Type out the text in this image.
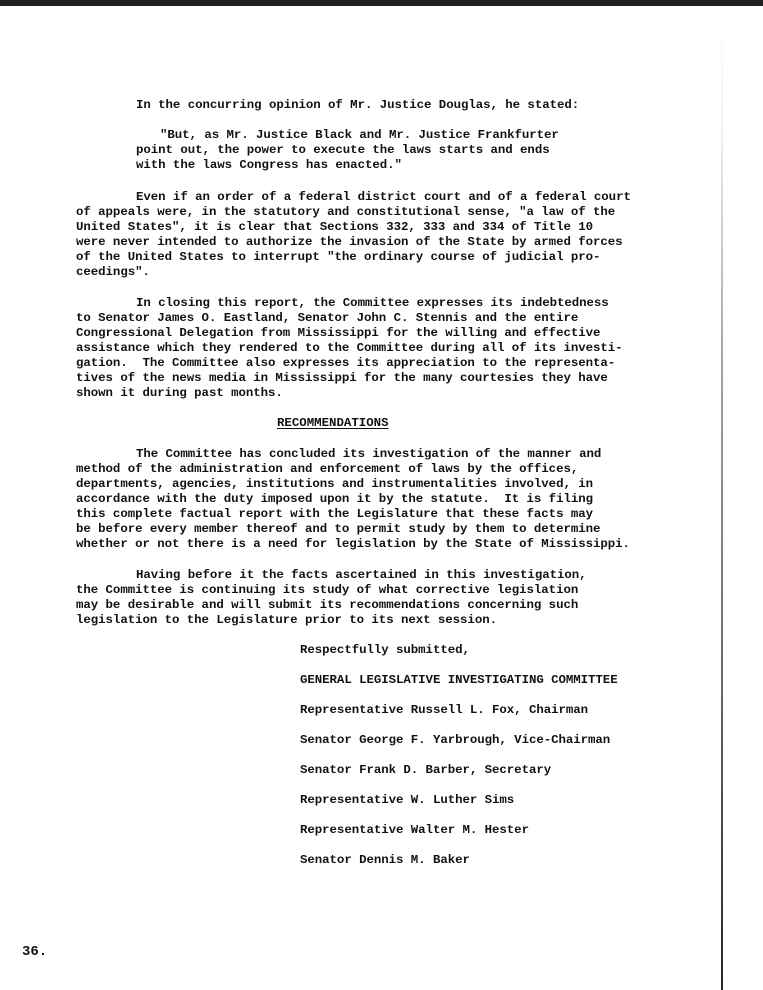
In the concurring opinion of Mr. Justice Douglas, he stated:
"But, as Mr. Justice Black and Mr. Justice Frankfurter
point out, the power to execute the laws starts and ends
with the laws Congress has enacted."
Even if an order of a federal district court and of a federal court
of appeals were, in the statutory and constitutional sense, "a law of the
United States", it is clear that Sections 332, 333 and 334 of Title 10
were never intended to authorize the invasion of the State by armed forces
of the United States to interrupt "the ordinary course of judicial pro-
ceedings".
In closing this report, the Committee expresses its indebtedness
to Senator James O. Eastland, Senator John C. Stennis and the entire
Congressional Delegation from Mississippi for the willing and effective
assistance which they rendered to the Committee during all of its investi-
gation.  The Committee also expresses its appreciation to the representa-
tives of the news media in Mississippi for the many courtesies they have
shown it during past months.
RECOMMENDATIONS
The Committee has concluded its investigation of the manner and
method of the administration and enforcement of laws by the offices,
departments, agencies, institutions and instrumentalities involved, in
accordance with the duty imposed upon it by the statute.  It is filing
this complete factual report with the Legislature that these facts may
be before every member thereof and to permit study by them to determine
whether or not there is a need for legislation by the State of Mississippi.
Having before it the facts ascertained in this investigation,
the Committee is continuing its study of what corrective legislation
may be desirable and will submit its recommendations concerning such
legislation to the Legislature prior to its next session.
Respectfully submitted,
GENERAL LEGISLATIVE INVESTIGATING COMMITTEE
Representative Russell L. Fox, Chairman
Senator George F. Yarbrough, Vice-Chairman
Senator Frank D. Barber, Secretary
Representative W. Luther Sims
Representative Walter M. Hester
Senator Dennis M. Baker
36.
